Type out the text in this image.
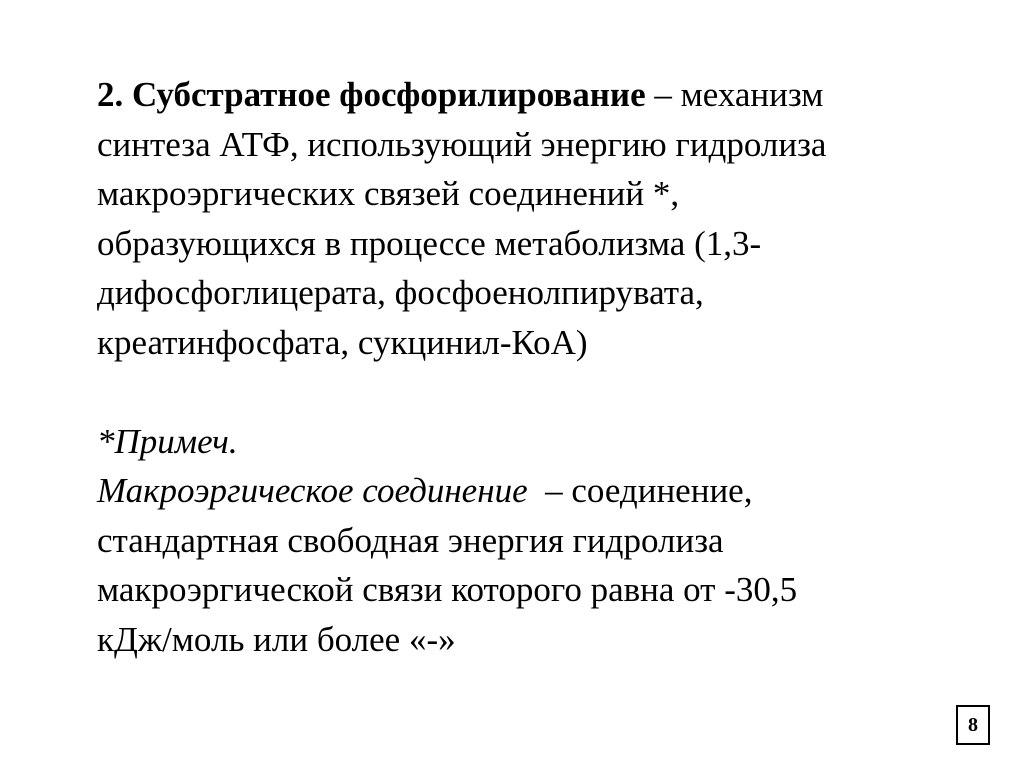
2. Субстратное фосфорилирование – механизм
синтеза АТФ, использующий энергию гидролиза
макроэргических связей соединений *,
образующихся в процессе метаболизма (1,3-
дифосфоглицерата, фосфоенолпирувата,
креатинфосфата, сукцинил-КоА)
*Примеч.
Макроэргическое соединение  – соединение,
стандартная свободная энергия гидролиза
макроэргической связи которого равна от -30,5
кДж/моль или более «-»
8
